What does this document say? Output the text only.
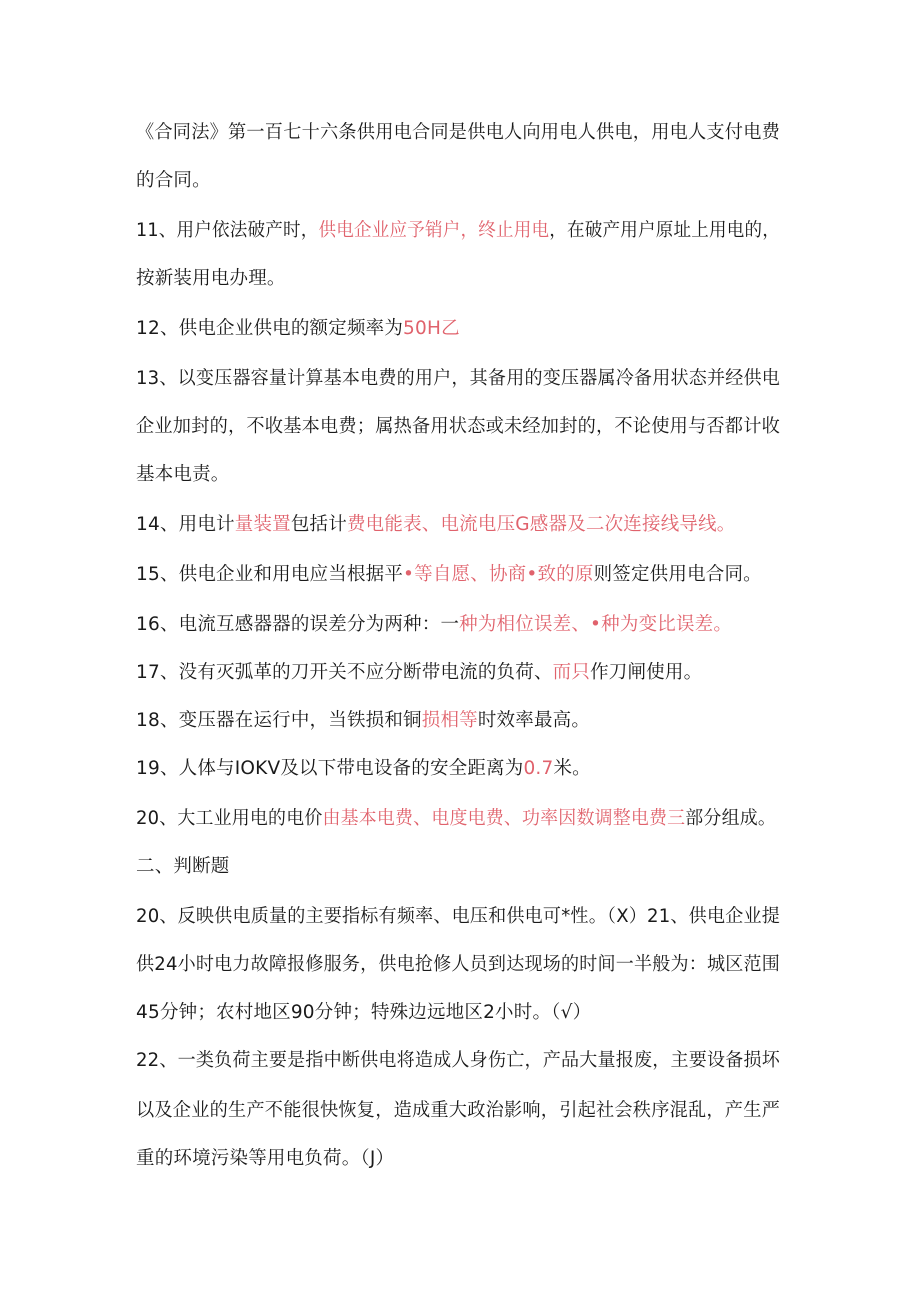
《合同法》第一百七十六条供用电合同是供电人向用电人供电，用电人支付电费
的合同。
11、用户依法破产时，供电企业应予销户，终止用电，在破产用户原址上用电的，
按新装用电办理。
12、供电企业供电的额定频率为50H乙
13、以变压器容量计算基本电费的用户，其备用的变压器属冷备用状态并经供电
企业加封的，不收基本电费；属热备用状态或未经加封的，不论使用与否都计收
基本电责。
14、用电计量装置包括计费电能表、电流电压G感器及二次连接线导线。
15、供电企业和用电应当根据平•等自愿、协商•致的原则签定供用电合同。
16、电流互感器器的误差分为两种：一种为相位误差、•种为变比误差。
17、没有灭弧革的刀开关不应分断带电流的负荷、而只作刀闸使用。
18、变压器在运行中，当铁损和铜损相等时效率最高。
19、人体与IOKV及以下带电设备的安全距离为0.7米。
20、大工业用电的电价由基本电费、电度电费、功率因数调整电费三部分组成。
二、判断题
20、反映供电质量的主要指标有频率、电压和供电可*性。（X）21、供电企业提
供24小时电力故障报修服务，供电抢修人员到达现场的时间一半般为：城区范围
45分钟；农村地区90分钟；特殊边远地区2小时。（√）
22、一类负荷主要是指中断供电将造成人身伤亡，产品大量报废，主要设备损坏
以及企业的生产不能很快恢复，造成重大政治影响，引起社会秩序混乱，产生严
重的环境污染等用电负荷。（J）
